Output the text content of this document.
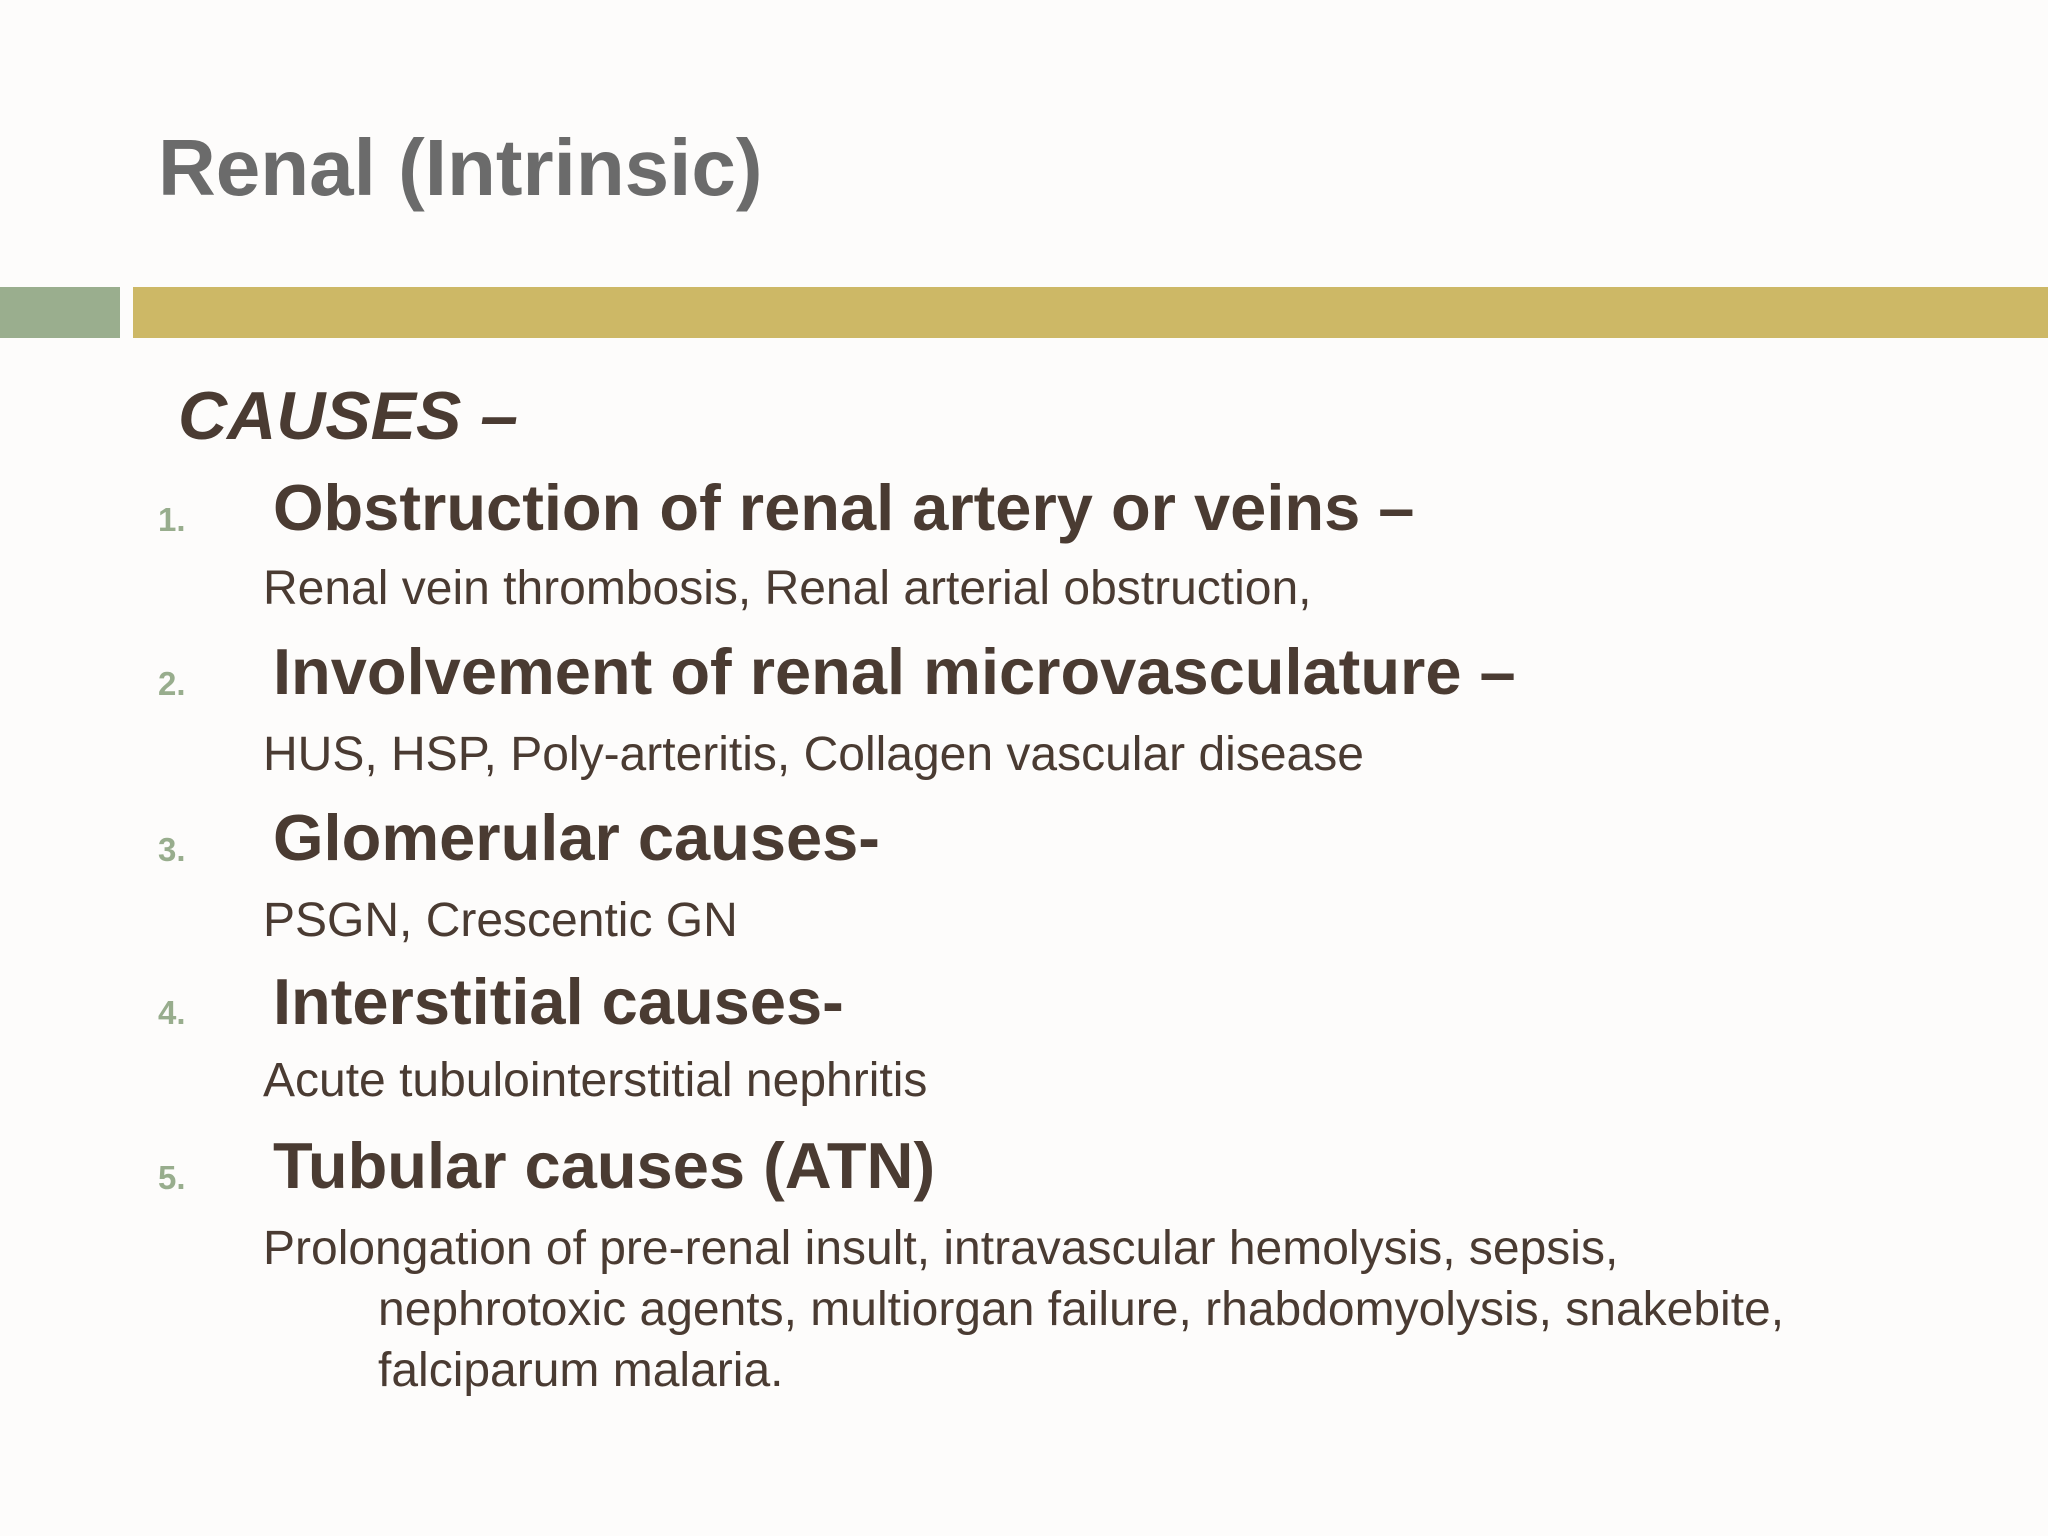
Renal (Intrinsic)
CAUSES –
1. Obstruction of renal artery or veins –
Renal vein thrombosis, Renal arterial obstruction,
2. Involvement of renal microvasculature –
HUS, HSP, Poly-arteritis, Collagen vascular disease
3. Glomerular causes-
PSGN, Crescentic GN
4. Interstitial causes-
Acute tubulointerstitial nephritis
5. Tubular causes (ATN)
Prolongation of pre-renal insult, intravascular hemolysis, sepsis,
nephrotoxic agents, multiorgan failure, rhabdomyolysis, snakebite,
falciparum malaria.
